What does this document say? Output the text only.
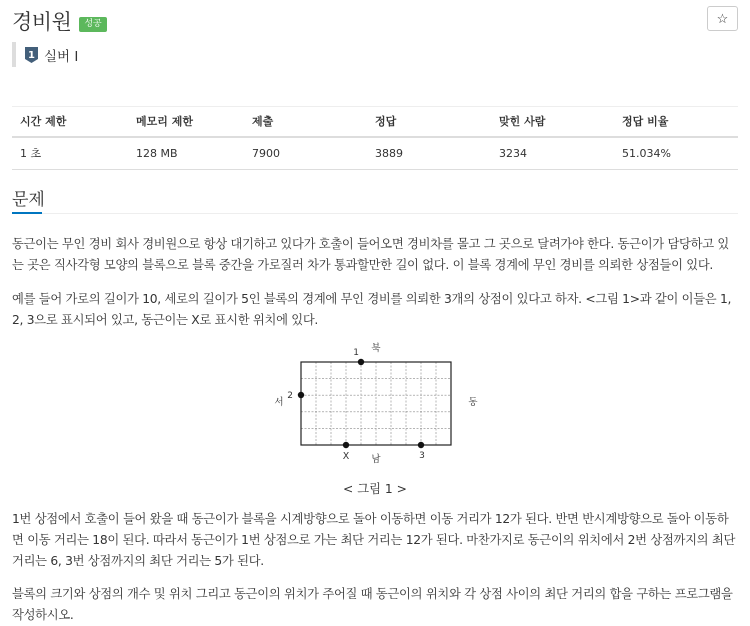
경비원	성공	☆
1 실버 I
시간 제한	메모리 제한	제출	정답	맞힌 사람	정답 비율
1 초	128 MB	7900	3889	3234	51.034%
문제

동근이는 무인 경비 회사 경비원으로 항상 대기하고 있다가 호출이 들어오면 경비차를 몰고 그 곳으로 달려가야 한다. 동근이가 담당하고 있는 곳은 직사각형 모양의 블록으로 블록 중간을 가로질러 차가 통과할만한 길이 없다. 이 블록 경계에 무인 경비를 의뢰한 상점들이 있다.

예를 들어 가로의 길이가 10, 세로의 길이가 5인 블록의 경계에 무인 경비를 의뢰한 3개의 상점이 있다고 하자. <그림 1>과 같이 이들은 1, 2, 3으로 표시되어 있고, 동근이는 X로 표시한 위치에 있다.

1 북
2
서	동
X 남	3
< 그림 1 >

1번 상점에서 호출이 들어 왔을 때 동근이가 블록을 시계방향으로 돌아 이동하면 이동 거리가 12가 된다. 반면 반시계방향으로 돌아 이동하면 이동 거리는 18이 된다. 따라서 동근이가 1번 상점으로 가는 최단 거리는 12가 된다. 마찬가지로 동근이의 위치에서 2번 상점까지의 최단 거리는 6, 3번 상점까지의 최단 거리는 5가 된다.

블록의 크기와 상점의 개수 및 위치 그리고 동근이의 위치가 주어질 때 동근이의 위치와 각 상점 사이의 최단 거리의 합을 구하는 프로그램을 작성하시오.
